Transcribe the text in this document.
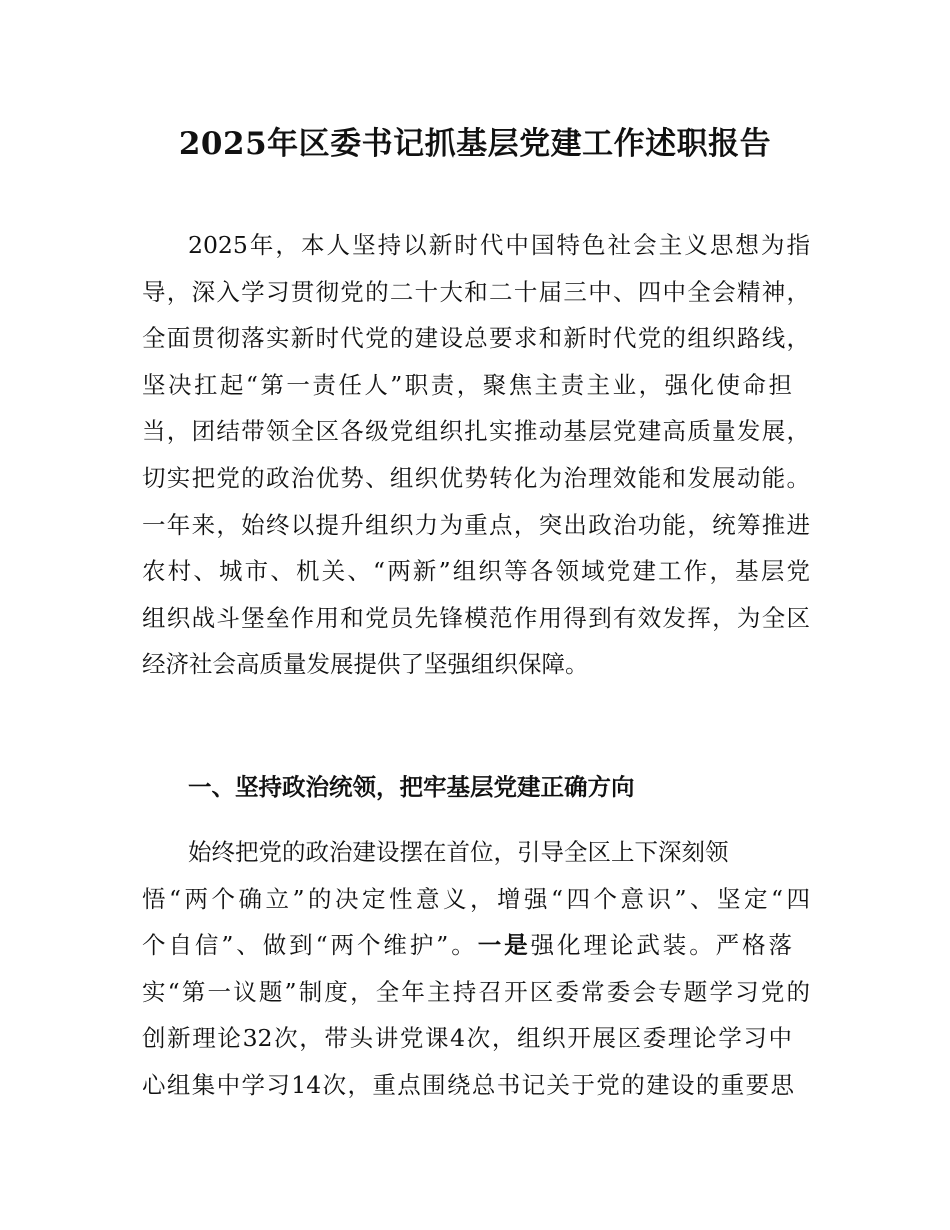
2025年区委书记抓基层党建工作述职报告
2025年，本人坚持以新时代中国特色社会主义思想为指
导，深入学习贯彻党的二十大和二十届三中、四中全会精神，
全面贯彻落实新时代党的建设总要求和新时代党的组织路线，
坚决扛起“第一责任人”职责，聚焦主责主业，强化使命担
当，团结带领全区各级党组织扎实推动基层党建高质量发展，
切实把党的政治优势、组织优势转化为治理效能和发展动能。
一年来，始终以提升组织力为重点，突出政治功能，统筹推进
农村、城市、机关、“两新”组织等各领域党建工作，基层党
组织战斗堡垒作用和党员先锋模范作用得到有效发挥，为全区
经济社会高质量发展提供了坚强组织保障。
一、坚持政治统领，把牢基层党建正确方向
始终把党的政治建设摆在首位，引导全区上下深刻领
悟“两个确立”的决定性意义，增强“四个意识”、坚定“四
个自信”、做到“两个维护”。一是强化理论武装。严格落
实“第一议题”制度，全年主持召开区委常委会专题学习党的
创新理论32次，带头讲党课4次，组织开展区委理论学习中
心组集中学习14次，重点围绕总书记关于党的建设的重要思
